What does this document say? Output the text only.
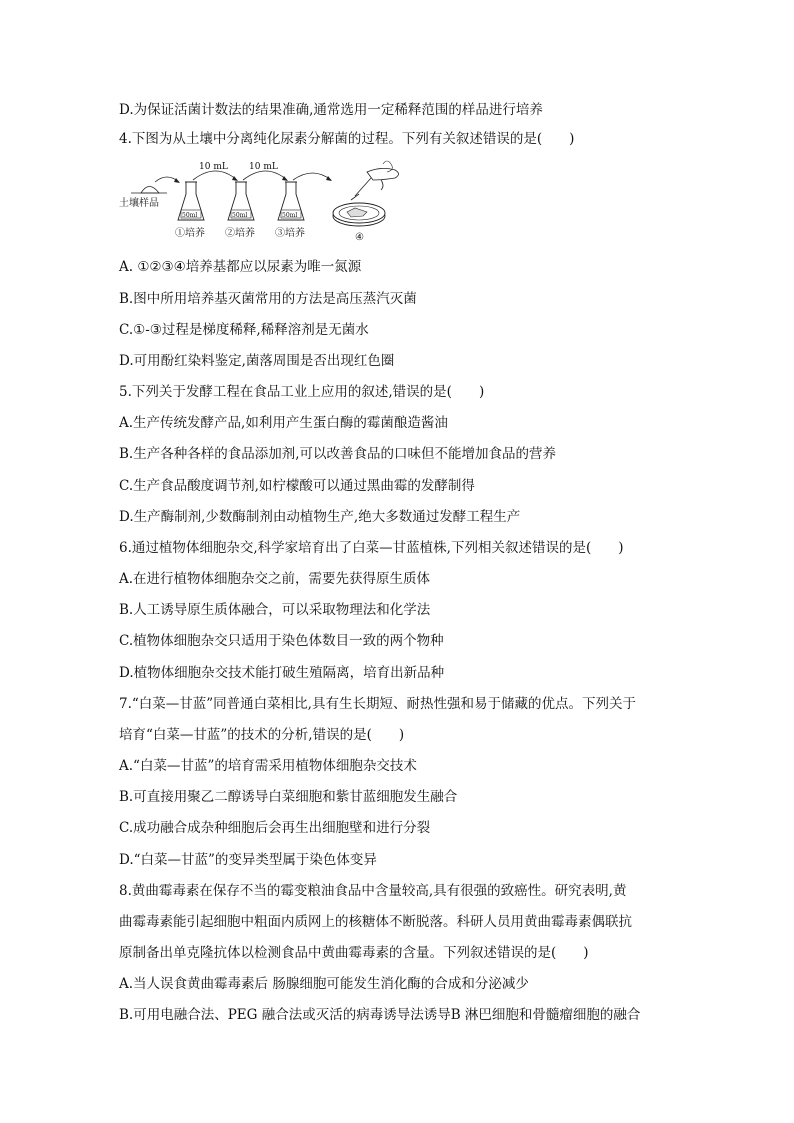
D.为保证活菌计数法的结果准确,通常选用一定稀释范围的样品进行培养
4.下图为从土壤中分离纯化尿素分解菌的过程。下列有关叙述错误的是(　　)
土壤样品
50ml
①培养
10 mL
50ml
②培养
10 mL
50ml
③培养	④
A. ①②③④培养基都应以尿素为唯一氮源
B.图中所用培养基灭菌常用的方法是高压蒸汽灭菌
C.①-③过程是梯度稀释,稀释溶剂是无菌水
D.可用酚红染料鉴定,菌落周围是否出现红色圈
5.下列关于发酵工程在食品工业上应用的叙述,错误的是(　　)
A.生产传统发酵产品,如利用产生蛋白酶的霉菌酿造酱油
B.生产各种各样的食品添加剂,可以改善食品的口味但不能增加食品的营养
C.生产食品酸度调节剂,如柠檬酸可以通过黑曲霉的发酵制得
D.生产酶制剂,少数酶制剂由动植物生产,绝大多数通过发酵工程生产
6.通过植物体细胞杂交,科学家培育出了白菜—甘蓝植株,下列相关叙述错误的是(　　)
A.在进行植物体细胞杂交之前，需要先获得原生质体
B.人工诱导原生质体融合，可以采取物理法和化学法
C.植物体细胞杂交只适用于染色体数目一致的两个物种
D.植物体细胞杂交技术能打破生殖隔离，培育出新品种
7.“白菜—甘蓝”同普通白菜相比,具有生长期短、耐热性强和易于储藏的优点。下列关于
培育“白菜—甘蓝”的技术的分析,错误的是(　　)
A.“白菜—甘蓝”的培育需采用植物体细胞杂交技术
B.可直接用聚乙二醇诱导白菜细胞和紫甘蓝细胞发生融合
C.成功融合成杂种细胞后会再生出细胞壁和进行分裂
D.“白菜—甘蓝”的变异类型属于染色体变异
8.黄曲霉毒素在保存不当的霉变粮油食品中含量较高,具有很强的致癌性。研究表明,黄
曲霉毒素能引起细胞中粗面内质网上的核糖体不断脱落。科研人员用黄曲霉毒素偶联抗
原制备出单克隆抗体以检测食品中黄曲霉毒素的含量。下列叙述错误的是(　　)
A.当人误食黄曲霉毒素后 肠腺细胞可能发生消化酶的合成和分泌减少
B.可用电融合法、PEG 融合法或灭活的病毒诱导法诱导B 淋巴细胞和骨髓瘤细胞的融合
